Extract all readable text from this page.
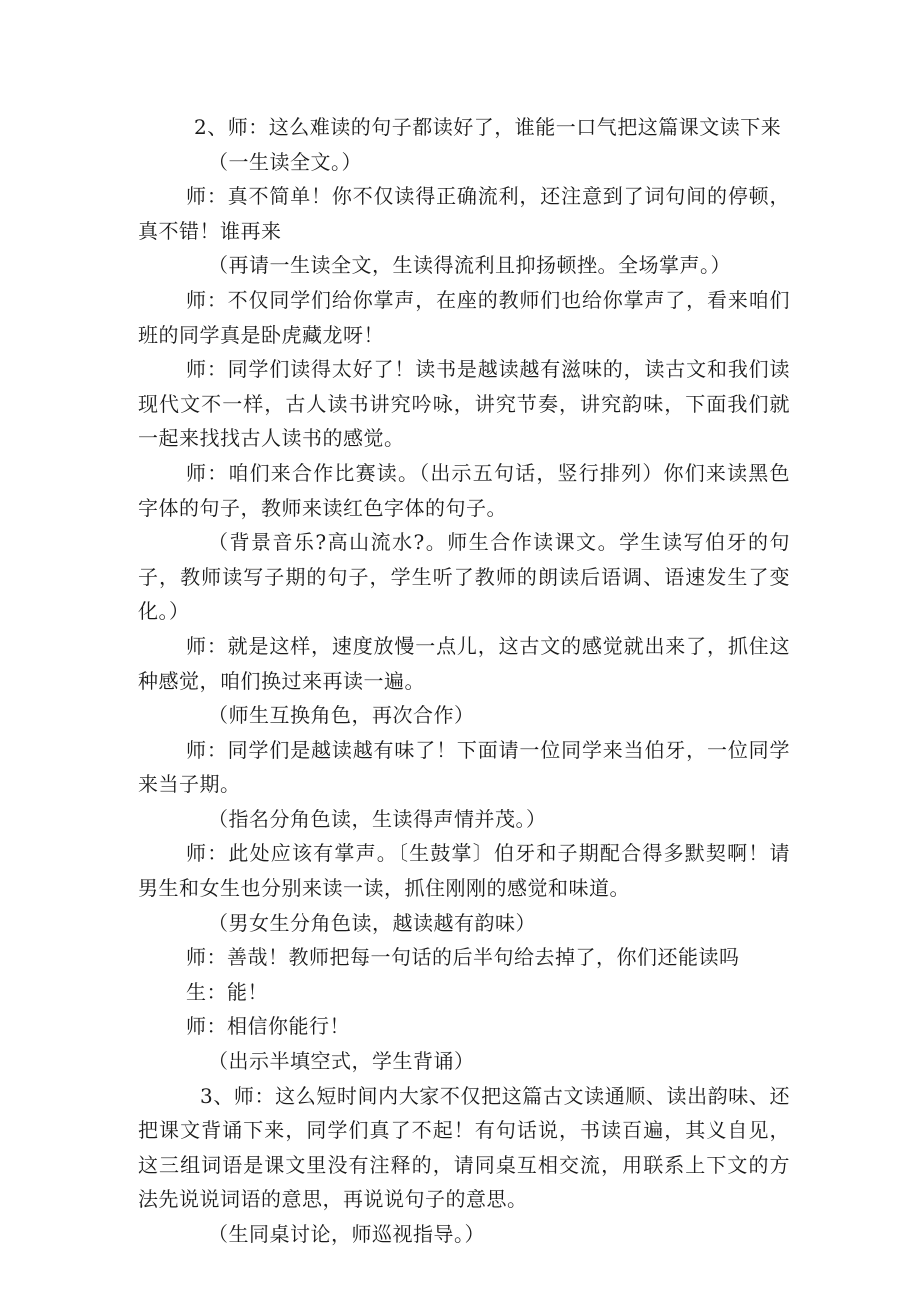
2、师：这么难读的句子都读好了，谁能一口气把这篇课文读下来

（一生读全文。）

师：真不简单！你不仅读得正确流利，还注意到了词句间的停顿，真不错！谁再来

（再请一生读全文，生读得流利且抑扬顿挫。全场掌声。）

师：不仅同学们给你掌声，在座的教师们也给你掌声了，看来咱们班的同学真是卧虎藏龙呀！

师：同学们读得太好了！读书是越读越有滋味的，读古文和我们读现代文不一样，古人读书讲究吟咏，讲究节奏，讲究韵味，下面我们就一起来找找古人读书的感觉。

师：咱们来合作比赛读。（出示五句话，竖行排列）你们来读黑色字体的句子，教师来读红色字体的句子。

（背景音乐?高山流水?。师生合作读课文。学生读写伯牙的句子，教师读写子期的句子，学生听了教师的朗读后语调、语速发生了变化。）

师：就是这样，速度放慢一点儿，这古文的感觉就出来了，抓住这种感觉，咱们换过来再读一遍。

（师生互换角色，再次合作）

师：同学们是越读越有味了！下面请一位同学来当伯牙，一位同学来当子期。

（指名分角色读，生读得声情并茂。）

师：此处应该有掌声。〔生鼓掌〕伯牙和子期配合得多默契啊！请男生和女生也分别来读一读，抓住刚刚的感觉和味道。

（男女生分角色读，越读越有韵味）

师：善哉！教师把每一句话的后半句给去掉了，你们还能读吗

生：能！

师：相信你能行！

（出示半填空式，学生背诵）

3、师：这么短时间内大家不仅把这篇古文读通顺、读出韵味、还把课文背诵下来，同学们真了不起！有句话说，书读百遍，其义自见，这三组词语是课文里没有注释的，请同桌互相交流，用联系上下文的方法先说说词语的意思，再说说句子的意思。

（生同桌讨论，师巡视指导。）
